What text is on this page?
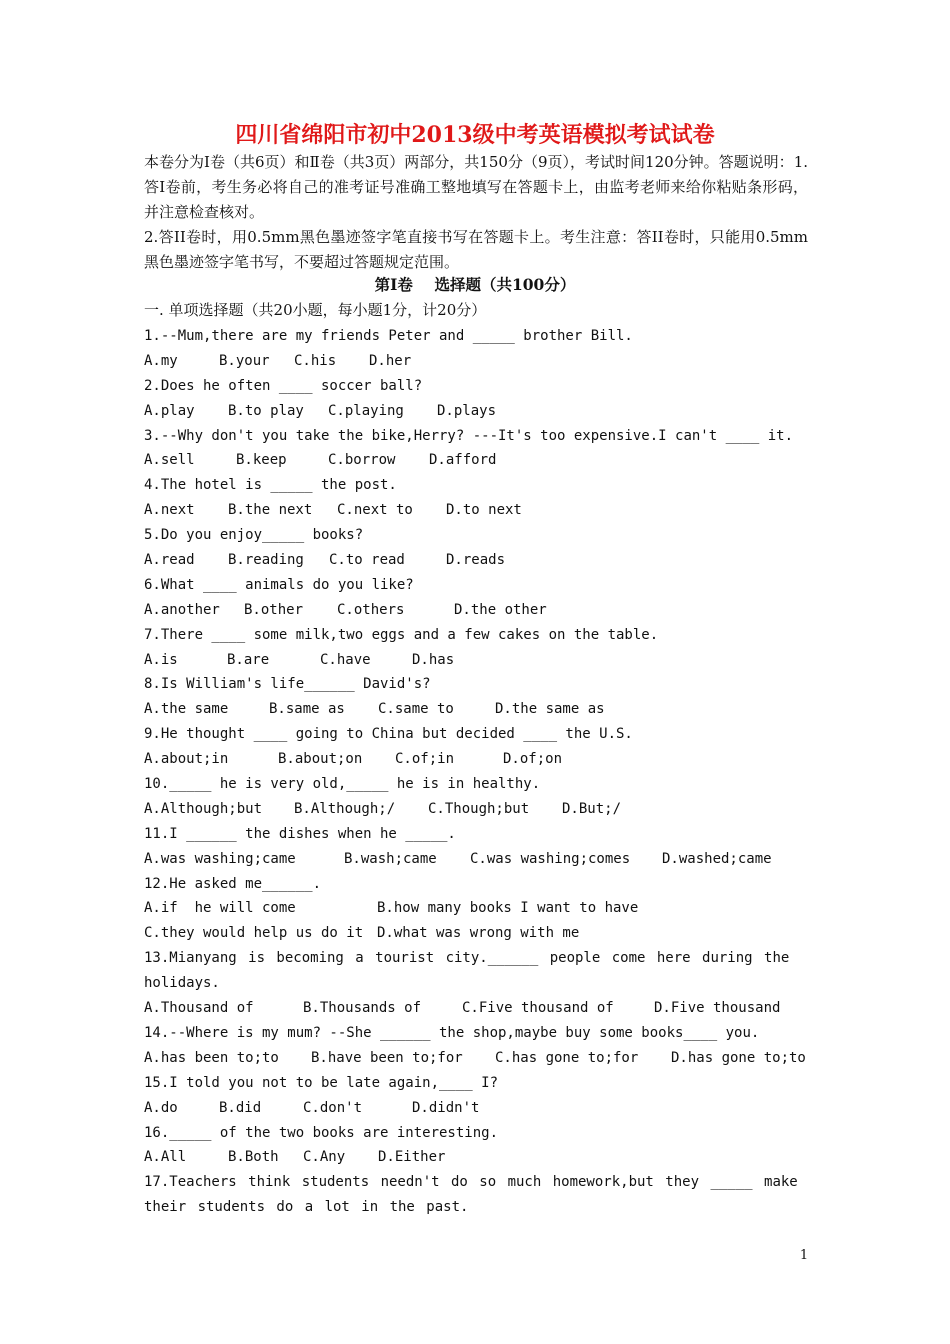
四川省绵阳市初中2013级中考英语模拟考试试卷

本卷分为Ⅰ卷（共6页）和Ⅱ卷（共3页）两部分，共150分（9页），考试时间120分钟。答题说明：1.答Ⅰ卷前，考生务必将自己的准考证号准确工整地填写在答题卡上，由监考老师来给你粘贴条形码，并注意检查核对。

2.答II卷时，用0.5mm黑色墨迹签字笔直接书写在答题卡上。考生注意：答II卷时，只能用0.5mm黑色墨迹签字笔书写，不要超过答题规定范围。

第Ⅰ卷    选择题（共100分）
一. 单项选择题（共20小题，每小题1分，计20分）
1.--Mum,there are my friends Peter and _____ brother Bill.
A.my	B.your C.his D.her
2.Does he often ____ soccer ball?
A.play B.to play C.playing D.plays
3.--Why don't you take the bike,Herry? ---It's too expensive.I can't ____ it.
A.sell	B.keep	C.borrow D.afford
4.The hotel is _____ the post.
A.next B.the next C.next to D.to next
5.Do you enjoy_____ books?
A.read B.reading C.to read	D.reads
6.What ____ animals do you like?
A.another B.other C.others	D.the other
7.There ____ some milk,two eggs and a few cakes on the table.
A.is	B.are	C.have	D.has
8.Is William's life______ David's?
A.the same	B.same as C.same to	D.the same as
9.He thought ____ going to China but decided ____ the U.S.
A.about;in	B.about;on C.of;in	D.of;on
10._____ he is very old,_____ he is in healthy.
A.Although;but B.Although;/ C.Though;but D.But;/
11.I ______ the dishes when he _____.
A.was washing;came	B.wash;came C.was washing;comes D.washed;came
12.He asked me______.
A.if  he will come	B.how many books I want to have
C.they would help us do it D.what was wrong with me
13.Mianyang is becoming a tourist city.______ people come here during the holidays.
A.Thousand of	B.Thousands of	C.Five thousand of	D.Five thousand
14.--Where is my mum? --She ______ the shop,maybe buy some books____ you.
A.has been to;to B.have been to;for C.has gone to;for D.has gone to;to
15.I told you not to be late again,____ I?
A.do	B.did	C.don't	D.didn't
16._____ of the two books are interesting.
A.All	B.Both C.Any D.Either
17.Teachers think students needn't do so much homework,but they _____ make their students do a lot in the past.
1
